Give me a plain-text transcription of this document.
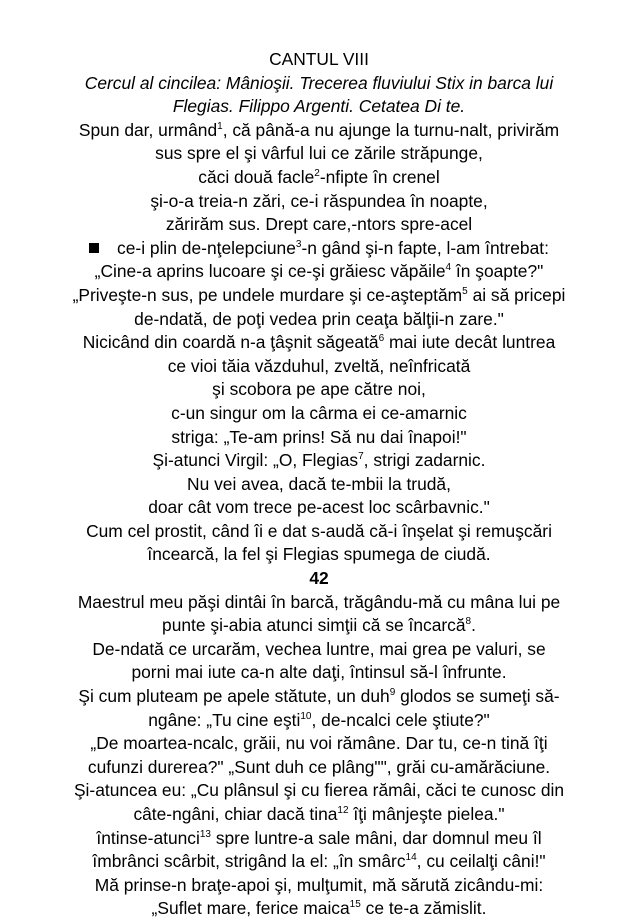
CANTUL VIII
Cercul al cincilea: Mânioşii. Trecerea fluviului Stix in barca lui
Flegias. Filippo Argenti. Cetatea Di te.
Spun dar, urmând$^1$, că până-a nu ajunge la turnu-nalt, privirăm
sus spre el şi vârful lui ce zările străpunge,
căci două facle$^2$-nfipte în crenel
şi-o-a treia-n zări, ce-i răspundea în noapte,
zărirăm sus. Drept care,-ntors spre-acel
ce-i plin de-nţelepciune$^3$-n gând şi-n fapte, l-am întrebat:
„Cine-a aprins lucoare şi ce-şi grăiesc văpăile$^4$ în şoapte?"
„Priveşte-n sus, pe undele murdare şi ce-aşteptăm$^5$ ai să pricepi
de-ndată, de poţi vedea prin ceaţa bălţii-n zare."
Nicicând din coardă n-a ţâşnit săgeată$^6$ mai iute decât luntrea
ce vioi tăia văzduhul, zveltă, neînfricată
şi scobora pe ape către noi,
c-un singur om la cârma ei ce-amarnic
striga: „Te-am prins! Să nu dai înapoi!"
Şi-atunci Virgil: „O, Flegias$^7$, strigi zadarnic.
Nu vei avea, dacă te-mbii la trudă,
doar cât vom trece pe-acest loc scârbavnic."
Cum cel prostit, când îi e dat s-audă că-i înşelat şi remuşcări
încearcă, la fel şi Flegias spumega de ciudă.
42
Maestrul meu păşi dintâi în barcă, trăgându-mă cu mâna lui pe
punte şi-abia atunci simţii că se încarcă$^8$.
De-ndată ce urcarăm, vechea luntre, mai grea pe valuri, se
porni mai iute ca-n alte daţi, întinsul să-l înfrunte.
Şi cum pluteam pe apele stătute, un duh$^9$ glodos se sumeţi să-
ngâne: „Tu cine eşti$^{10}$, de-ncalci cele ştiute?"
„De moartea-ncalc, grăii, nu voi rămâne. Dar tu, ce-n tină îţi
cufunzi durerea?" „Sunt duh ce plâng"", grăi cu-amărăciune.
Şi-atuncea eu: „Cu plânsul şi cu fierea rămâi, căci te cunosc din
câte-ngâni, chiar dacă tina$^{12}$ îţi mânjeşte pielea."
întinse-atunci$^{13}$ spre luntre-a sale mâni, dar domnul meu îl
îmbrânci scârbit, strigând la el: „în smârc$^{14}$, cu ceilalţi câni!"
Mă prinse-n braţe-apoi şi, mulţumit, mă sărută zicându-mi:
„Suflet mare, ferice maica$^{15}$ ce te-a zămislit.
